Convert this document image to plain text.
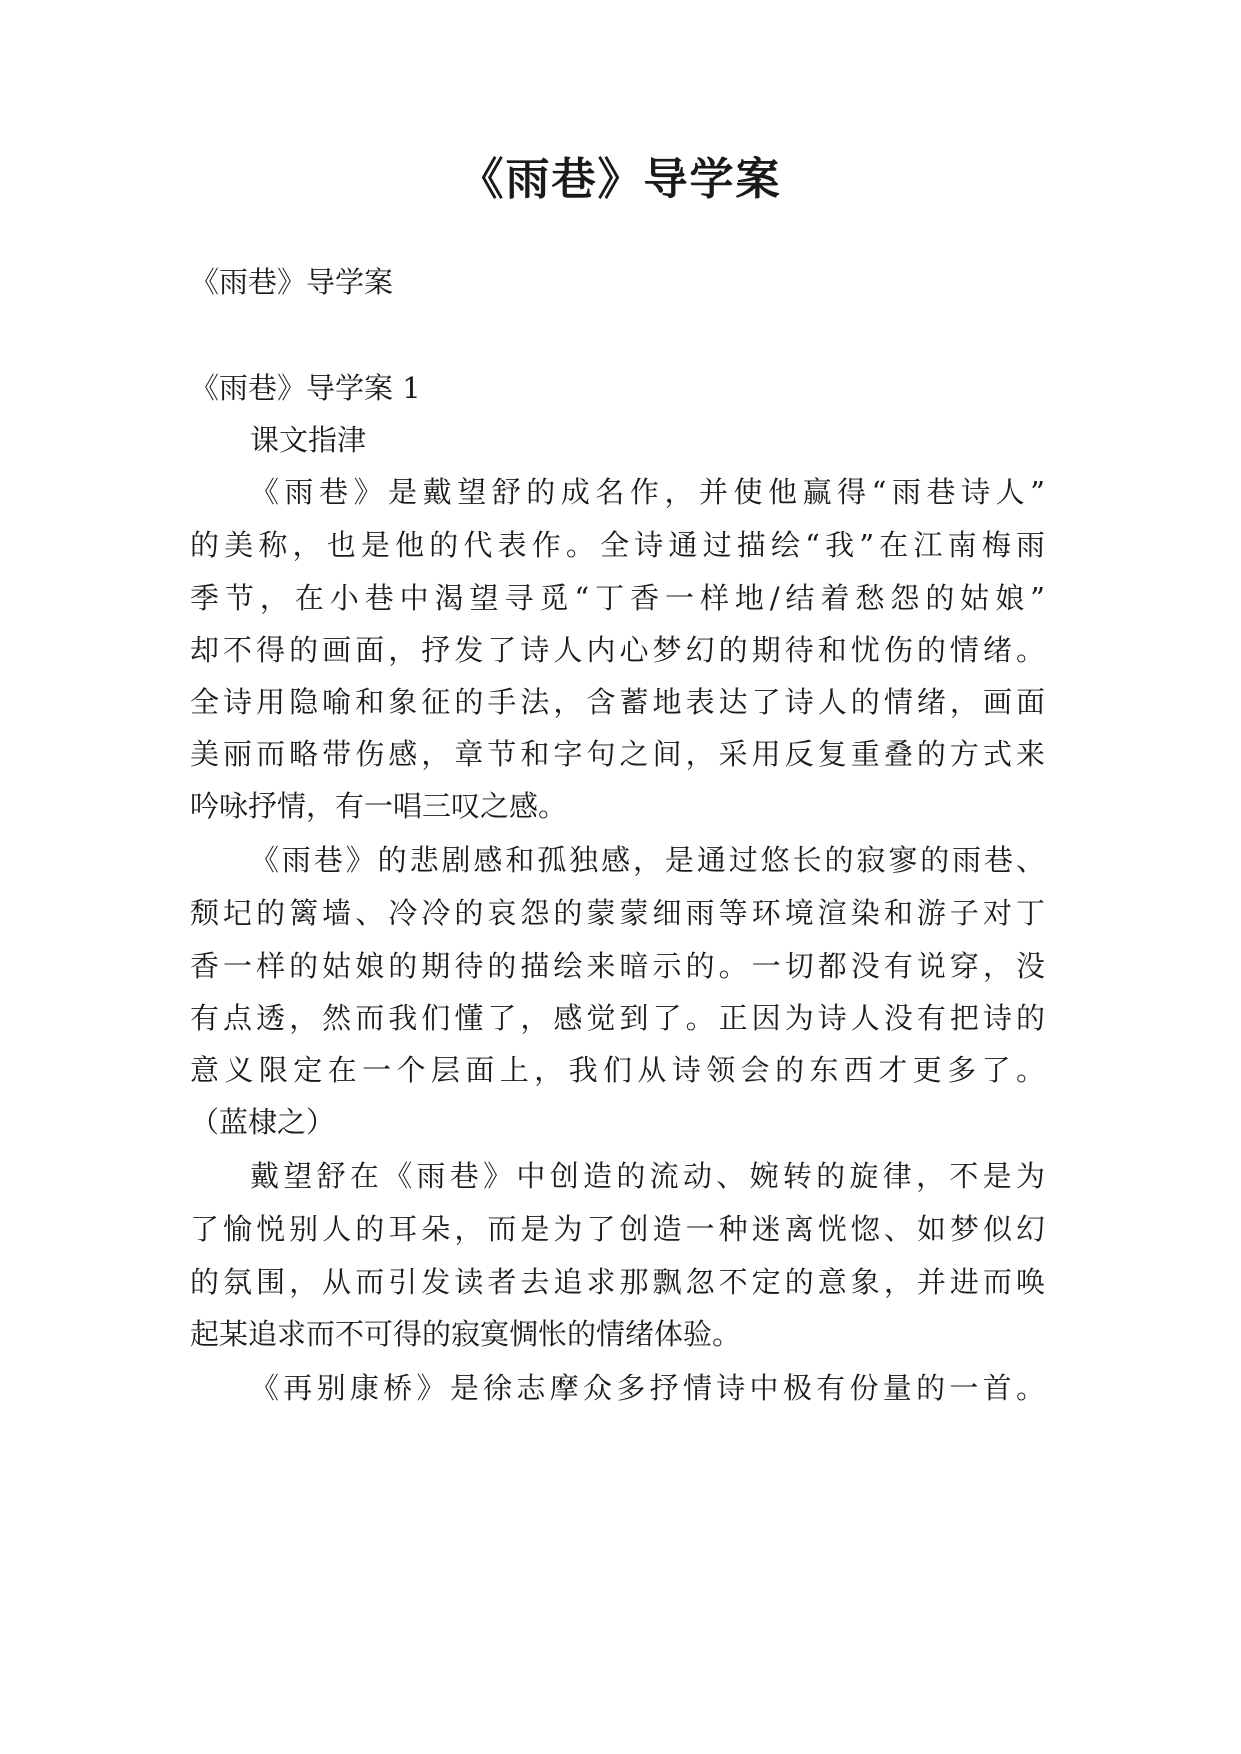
《雨巷》导学案

《雨巷》导学案

《雨巷》导学案 1

课文指津

《雨巷》是戴望舒的成名作，并使他赢得“雨巷诗人”

的美称，也是他的代表作。全诗通过描绘“我”在江南梅雨

季节，在小巷中渴望寻觅“丁香一样地/结着愁怨的姑娘”

却不得的画面，抒发了诗人内心梦幻的期待和忧伤的情绪。

全诗用隐喻和象征的手法，含蓄地表达了诗人的情绪，画面

美丽而略带伤感，章节和字句之间，采用反复重叠的方式来

吟咏抒情，有一唱三叹之感。

《雨巷》的悲剧感和孤独感，是通过悠长的寂寥的雨巷、

颓圮的篱墙、冷冷的哀怨的蒙蒙细雨等环境渲染和游子对丁

香一样的姑娘的期待的描绘来暗示的。一切都没有说穿，没

有点透，然而我们懂了，感觉到了。正因为诗人没有把诗的

意义限定在一个层面上，我们从诗领会的东西才更多了。

（蓝棣之）

戴望舒在《雨巷》中创造的流动、婉转的旋律，不是为

了愉悦别人的耳朵，而是为了创造一种迷离恍惚、如梦似幻

的氛围，从而引发读者去追求那飘忽不定的意象，并进而唤

起某追求而不可得的寂寞惆怅的情绪体验。

《再别康桥》是徐志摩众多抒情诗中极有份量的一首。
